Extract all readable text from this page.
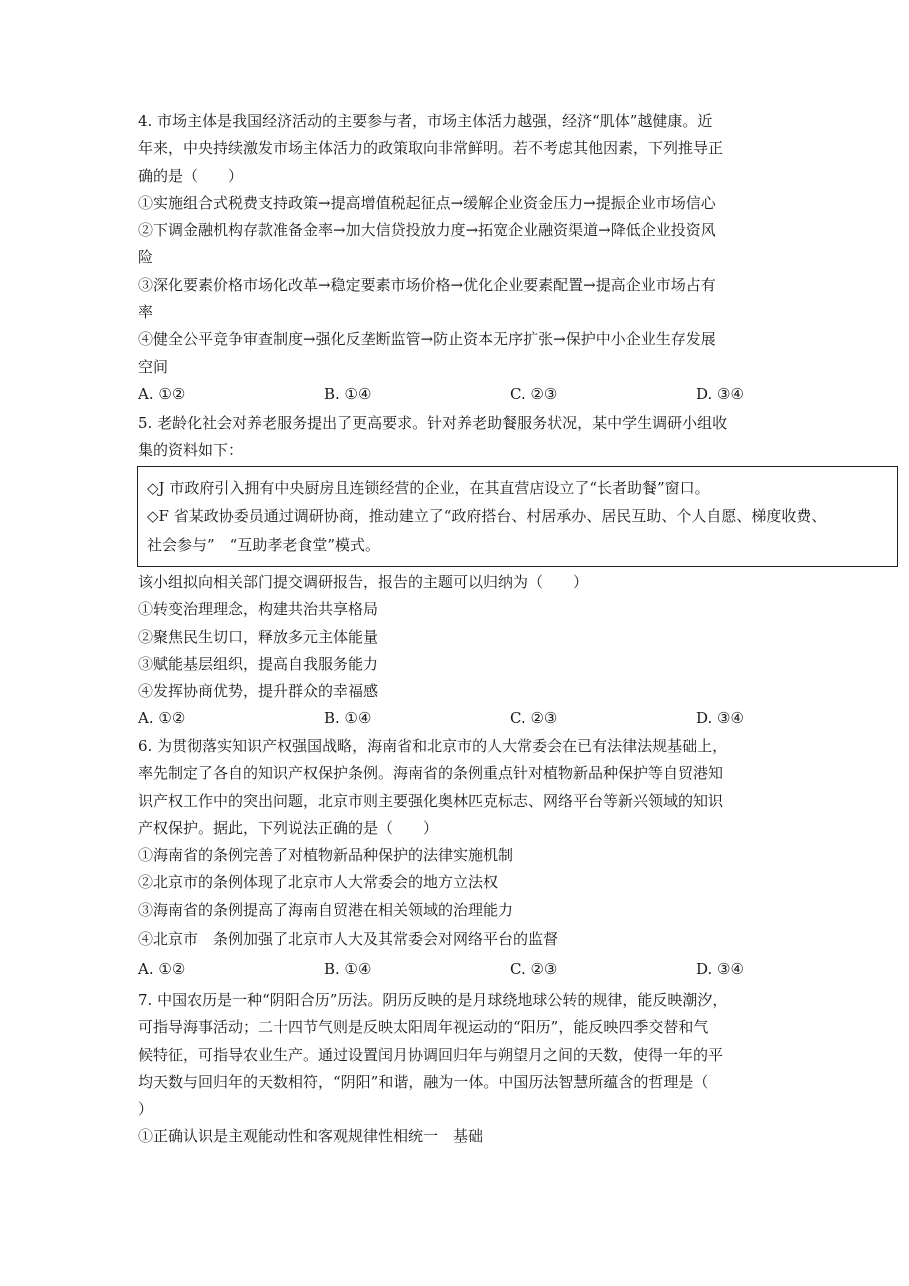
4. 市场主体是我国经济活动的主要参与者，市场主体活力越强，经济“肌体”越健康。近
年来，中央持续激发市场主体活力的政策取向非常鲜明。若不考虑其他因素，下列推导正
确的是（　　）
①实施组合式税费支持政策→提高增值税起征点→缓解企业资金压力→提振企业市场信心
②下调金融机构存款准备金率→加大信贷投放力度→拓宽企业融资渠道→降低企业投资风
险
③深化要素价格市场化改革→稳定要素市场价格→优化企业要素配置→提高企业市场占有
率
④健全公平竞争审查制度→强化反垄断监管→防止资本无序扩张→保护中小企业生存发展
空间
A. ①②	B. ①④	C. ②③	D. ③④
5. 老龄化社会对养老服务提出了更高要求。针对养老助餐服务状况，某中学生调研小组收
集的资料如下：
◇J 市政府引入拥有中央厨房且连锁经营的企业，在其直营店设立了“长者助餐”窗口。
◇F 省某政协委员通过调研协商，推动建立了“政府搭台、村居承办、居民互助、个人自愿、梯度收费、
社会参与”　“互助孝老食堂”模式。
该小组拟向相关部门提交调研报告，报告的主题可以归纳为（　　）
①转变治理理念，构建共治共享格局
②聚焦民生切口，释放多元主体能量
③赋能基层组织，提高自我服务能力
④发挥协商优势，提升群众的幸福感
A. ①②	B. ①④	C. ②③	D. ③④
6. 为贯彻落实知识产权强国战略，海南省和北京市的人大常委会在已有法律法规基础上，
率先制定了各自的知识产权保护条例。海南省的条例重点针对植物新品种保护等自贸港知
识产权工作中的突出问题，北京市则主要强化奥林匹克标志、网络平台等新兴领域的知识
产权保护。据此，下列说法正确的是（　　）
①海南省的条例完善了对植物新品种保护的法律实施机制
②北京市的条例体现了北京市人大常委会的地方立法权
③海南省的条例提高了海南自贸港在相关领域的治理能力
④北京市　条例加强了北京市人大及其常委会对网络平台的监督
A. ①②	B. ①④	C. ②③	D. ③④
7. 中国农历是一种“阴阳合历”历法。阴历反映的是月球绕地球公转的规律，能反映潮汐，
可指导海事活动；二十四节气则是反映太阳周年视运动的“阳历”，能反映四季交替和气
候特征，可指导农业生产。通过设置闰月协调回归年与朔望月之间的天数，使得一年的平
均天数与回归年的天数相符，“阴阳”和谐，融为一体。中国历法智慧所蕴含的哲理是（
）
①正确认识是主观能动性和客观规律性相统一　基础
